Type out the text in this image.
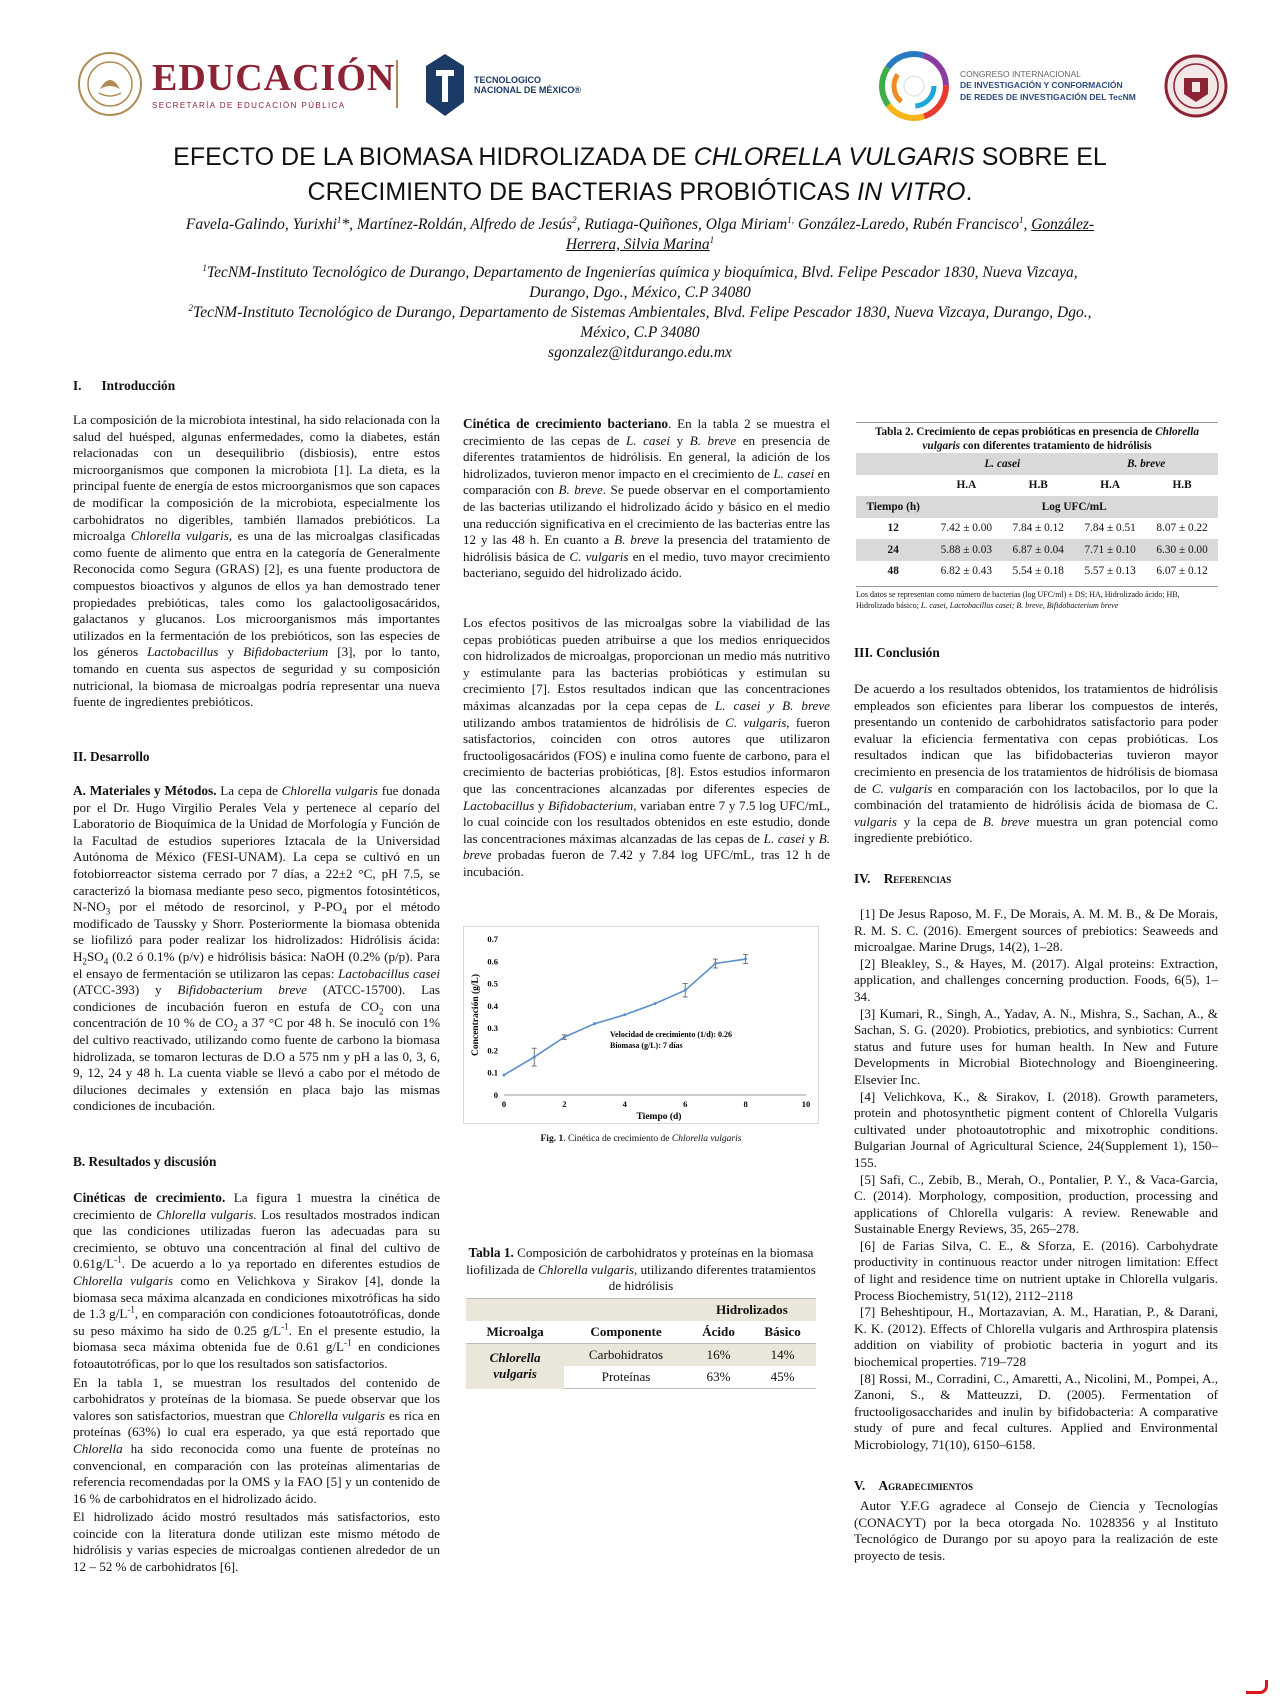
EDUCACIÓN
SECRETARÍA DE EDUCACIÓN PÚBLICA
TECNOLOGICO
NACIONAL DE MÉXICO®
CONGRESO INTERNACIONAL
DE INVESTIGACIÓN Y CONFORMACIÓN
DE REDES DE INVESTIGACIÓN DEL TecNM
EFECTO DE LA BIOMASA HIDROLIZADA DE CHLORELLA VULGARIS SOBRE EL
CRECIMIENTO DE BACTERIAS PROBIÓTICAS IN VITRO.
Favela-Galindo, Yurixhi$^1$*, Martínez-Roldán, Alfredo de Jesús$^2$, Rutiaga-Quiñones, Olga Miriam$^{1,}$ González-Laredo, Rubén Francisco$^1$, González-Herrera, Silvia Marina$^1$

$^1$TecNM-Instituto Tecnológico de Durango, Departamento de Ingenierías química y bioquímica, Blvd. Felipe Pescador 1830, Nueva Vizcaya, Durango, Dgo., México, C.P 34080

$^2$TecNM-Instituto Tecnológico de Durango, Departamento de Sistemas Ambientales, Blvd. Felipe Pescador 1830, Nueva Vizcaya, Durango, Dgo., México, C.P 34080

sgonzalez@itdurango.edu.mx

I. Introducción

La composición de la microbiota intestinal, ha sido relacionada con la salud del huésped, algunas enfermedades, como la diabetes, están relacionadas con un desequilibrio (disbiosis), entre estos microorganismos que componen la microbiota [1]. La dieta, es la principal fuente de energía de estos microorganismos que son capaces de modificar la composición de la microbiota, especialmente los carbohidratos no digeribles, también llamados prebióticos. La microalga Chlorella vulgaris, es una de las microalgas clasificadas como fuente de alimento que entra en la categoría de Generalmente Reconocida como Segura (GRAS) [2], es una fuente productora de compuestos bioactivos y algunos de ellos ya han demostrado tener propiedades prebióticas, tales como los galactooligosacáridos, galactanos y glucanos. Los microorganismos más importantes utilizados en la fermentación de los prebióticos, son las especies de los géneros Lactobacillus y Bifidobacterium [3], por lo tanto, tomando en cuenta sus aspectos de seguridad y su composición nutricional, la biomasa de microalgas podría representar una nueva fuente de ingredientes prebióticos.

II. Desarrollo

A. Materiales y Métodos. La cepa de Chlorella vulgaris fue donada por el Dr. Hugo Virgilio Perales Vela y pertenece al ceparío del Laboratorio de Bioquímica de la Unidad de Morfología y Función de la Facultad de estudios superiores Iztacala de la Universidad Autónoma de México (FESI-UNAM). La cepa se cultivó en un fotobiorreactor sistema cerrado por 7 días, a 22±2 °C, pH 7.5, se caracterizó la biomasa mediante peso seco, pigmentos fotosintéticos, $N-NO_3$ por el método de resorcinol, y $P-PO_4$ por el método modificado de Taussky y Shorr. Posteriormente la biomasa obtenida se liofilizó para poder realizar los hidrolizados: Hidrólisis ácida: $H_2SO_4$ (0.2 ó 0.1% (p/v) e hidrólisis básica: NaOH (0.2% (p/p). Para el ensayo de fermentación se utilizaron las cepas: Lactobacillus casei (ATCC-393) y Bifidobacterium breve (ATCC-15700). Las condiciones de incubación fueron en estufa de $CO_2$ con una concentración de 10 % de $CO_2$ a 37 °C por 48 h. Se inoculó con 1% del cultivo reactivado, utilizando como fuente de carbono la biomasa hidrolizada, se tomaron lecturas de D.O a 575 nm y pH a las 0, 3, 6, 9, 12, 24 y 48 h. La cuenta viable se llevó a cabo por el método de diluciones decimales y extensión en placa bajo las mismas condiciones de incubación.

B. Resultados y discusión

Cinéticas de crecimiento. La figura 1 muestra la cinética de crecimiento de Chlorella vulgaris. Los resultados mostrados indican que las condiciones utilizadas fueron las adecuadas para su crecimiento, se obtuvo una concentración al final del cultivo de $0.61g/L^{-1}$. De acuerdo a lo ya reportado en diferentes estudios de Chlorella vulgaris como en Velichkova y Sirakov [4], donde la biomasa seca máxima alcanzada en condiciones mixotróficas ha sido de 1.3 $g/L^{-1}$, en comparación con condiciones fotoautotróficas, donde su peso máximo ha sido de 0.25 $g/L^{-1}$. En el presente estudio, la biomasa seca máxima obtenida fue de 0.61 $g/L^{-1}$ en condiciones fotoautotróficas, por lo que los resultados son satisfactorios.

En la tabla 1, se muestran los resultados del contenido de carbohidratos y proteínas de la biomasa. Se puede observar que los valores son satisfactorios, muestran que Chlorella vulgaris es rica en proteínas (63%) lo cual era esperado, ya que está reportado que Chlorella ha sido reconocida como una fuente de proteínas no convencional, en comparación con las proteínas alimentarias de referencia recomendadas por la OMS y la FAO [5] y un contenido de 16 % de carbohidratos en el hidrolizado ácido.

El hidrolizado ácido mostró resultados más satisfactorios, esto coincide con la literatura donde utilizan este mismo método de hidrólisis y varias especies de microalgas contienen alrededor de un 12 – 52 % de carbohidratos [6].

Cinética de crecimiento bacteriano. En la tabla 2 se muestra el crecimiento de las cepas de L. casei y B. breve en presencia de diferentes tratamientos de hidrólisis. En general, la adición de los hidrolizados, tuvieron menor impacto en el crecimiento de L. casei en comparación con B. breve. Se puede observar en el comportamiento de las bacterias utilizando el hidrolizado ácido y básico en el medio una reducción significativa en el crecimiento de las bacterias entre las 12 y las 48 h. En cuanto a B. breve la presencia del tratamiento de hidrólisis básica de C. vulgaris en el medio, tuvo mayor crecimiento bacteriano, seguido del hidrolizado ácido.

Los efectos positivos de las microalgas sobre la viabilidad de las cepas probióticas pueden atribuirse a que los medios enriquecidos con hidrolizados de microalgas, proporcionan un medio más nutritivo y estimulante para las bacterias probióticas y estimulan su crecimiento [7]. Estos resultados indican que las concentraciones máximas alcanzadas por la cepa cepas de L. casei y B. breve utilizando ambos tratamientos de hidrólisis de C. vulgaris, fueron satisfactorios, coinciden con otros autores que utilizaron fructooligosacáridos (FOS) e inulina como fuente de carbono, para el crecimiento de bacterias probióticas, [8]. Estos estudios informaron que las concentraciones alcanzadas por diferentes especies de Lactobacillus y Bifidobacterium, variaban entre 7 y 7.5 log UFC/mL, lo cual coincide con los resultados obtenidos en este estudio, donde las concentraciones máximas alcanzadas de las cepas de L. casei y B. breve probadas fueron de 7.42 y 7.84 log UFC/mL, tras 12 h de incubación.

0	2	4	6	8	10
0
0.1
0.2
0.3
0.4
0.5
0.6
0.7
Tiempo (d)
Concentración (g/L)	Velocidad de crecimiento (1/d): 0.26
Biomasa (g/L): 7 días
Fig. 1. Cinética de crecimiento de Chlorella vulgaris
Tabla 1. Composición de carbohidratos y proteínas en la biomasa liofilizada de Chlorella vulgaris, utilizando diferentes tratamientos de hidrólisis
		Hidrolizados	
Microalga	Componente	Ácido	Básico

Chlorella
vulgaris	Carbohidratos	16%	14%
	Proteínas	63%	45%
Tabla 2. Crecimiento de cepas probióticas en presencia de Chlorella vulgaris con diferentes tratamiento de hidrólisis
	L. casei		B. breve	
	H.A	H.B	H.A	H.B
Tiempo (h)	Log UFC/mL			
12	7.42 ± 0.00	7.84 ± 0.12	7.84 ± 0.51	8.07 ± 0.22
24	5.88 ± 0.03	6.87 ± 0.04	7.71 ± 0.10	6.30 ± 0.00
48	6.82 ± 0.43	5.54 ± 0.18	5.57 ± 0.13	6.07 ± 0.12
Los datos se representan como número de bacterias (log UFC/ml) ± DS; HA, Hidrolizado ácido; HB, Hidrolizado básico; L. casei, Lactobacillus casei; B. breve, Bifidobacterium breve

III. Conclusión

De acuerdo a los resultados obtenidos, los tratamientos de hidrólisis empleados son eficientes para liberar los compuestos de interés, presentando un contenido de carbohidratos satisfactorio para poder evaluar la eficiencia fermentativa con cepas probióticas. Los resultados indican que las bifidobacterias tuvieron mayor crecimiento en presencia de los tratamientos de hidrólisis de biomasa de C. vulgaris en comparación con los lactobacilos, por lo que la combinación del tratamiento de hidrólisis ácida de biomasa de C. vulgaris y la cepa de B. breve muestra un gran potencial como ingrediente prebiótico.

IV. Referencias

[1] De Jesus Raposo, M. F., De Morais, A. M. M. B., & De Morais, R. M. S. C. (2016). Emergent sources of prebiotics: Seaweeds and microalgae. Marine Drugs, 14(2), 1–28.

[2] Bleakley, S., & Hayes, M. (2017). Algal proteins: Extraction, application, and challenges concerning production. Foods, 6(5), 1–34.

[3] Kumari, R., Singh, A., Yadav, A. N., Mishra, S., Sachan, A., & Sachan, S. G. (2020). Probiotics, prebiotics, and synbiotics: Current status and future uses for human health. In New and Future Developments in Microbial Biotechnology and Bioengineering. Elsevier Inc.

[4] Velichkova, K., & Sirakov, I. (2018). Growth parameters, protein and photosynthetic pigment content of Chlorella Vulgaris cultivated under photoautotrophic and mixotrophic conditions. Bulgarian Journal of Agricultural Science, 24(Supplement 1), 150–155.

[5] Safi, C., Zebib, B., Merah, O., Pontalier, P. Y., & Vaca-Garcia, C. (2014). Morphology, composition, production, processing and applications of Chlorella vulgaris: A review. Renewable and Sustainable Energy Reviews, 35, 265–278.

[6] de Farias Silva, C. E., & Sforza, E. (2016). Carbohydrate productivity in continuous reactor under nitrogen limitation: Effect of light and residence time on nutrient uptake in Chlorella vulgaris. Process Biochemistry, 51(12), 2112–2118

[7] Beheshtipour, H., Mortazavian, A. M., Haratian, P., & Darani, K. K. (2012). Effects of Chlorella vulgaris and Arthrospira platensis addition on viability of probiotic bacteria in yogurt and its biochemical properties. 719–728

[8] Rossi, M., Corradini, C., Amaretti, A., Nicolini, M., Pompei, A., Zanoni, S., & Matteuzzi, D. (2005). Fermentation of fructooligosaccharides and inulin by bifidobacteria: A comparative study of pure and fecal cultures. Applied and Environmental Microbiology, 71(10), 6150–6158.

V. Agradecimientos

Autor Y.F.G agradece al Consejo de Ciencia y Tecnologías (CONACYT) por la beca otorgada No. 1028356 y al Instituto Tecnológico de Durango por su apoyo para la realización de este proyecto de tesis.
